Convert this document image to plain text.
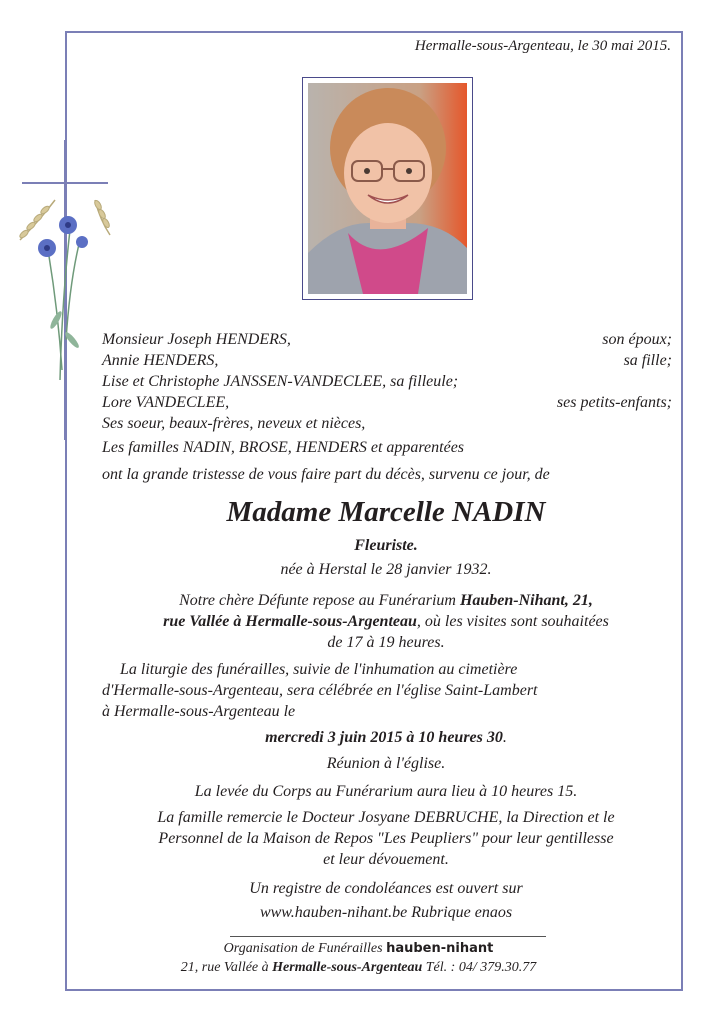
Hermalle-sous-Argenteau, le 30 mai 2015.
Monsieur Joseph HENDERS,	son époux;
Annie HENDERS,	sa fille;
Lise et Christophe JANSSEN-VANDECLEE, sa filleule;
Lore VANDECLEE,	ses petits-enfants;
Ses soeur, beaux-frères, neveux et nièces,
Les familles NADIN, BROSE, HENDERS et apparentées
ont la grande tristesse de vous faire part du décès, survenu ce jour, de
Madame Marcelle NADIN
Fleuriste.
née à Herstal le 28 janvier 1932.
Notre chère Défunte repose au Funérarium Hauben-Nihant, 21,
rue Vallée à Hermalle-sous-Argenteau, où les visites sont souhaitées
de 17 à 19 heures.
La liturgie des funérailles, suivie de l'inhumation au cimetière
d'Hermalle-sous-Argenteau, sera célébrée en l'église Saint-Lambert
à Hermalle-sous-Argenteau le
mercredi 3 juin 2015 à 10 heures 30.
Réunion à l'église.
La levée du Corps au Funérarium aura lieu à 10 heures 15.
La famille remercie le Docteur Josyane DEBRUCHE, la Direction et le
Personnel de la Maison de Repos "Les Peupliers" pour leur gentillesse
et leur dévouement.
Un registre de condoléances est ouvert sur
www.hauben-nihant.be Rubrique enaos
Organisation de Funérailles hauben-nihant
21, rue Vallée à Hermalle-sous-Argenteau Tél. : 04/ 379.30.77
